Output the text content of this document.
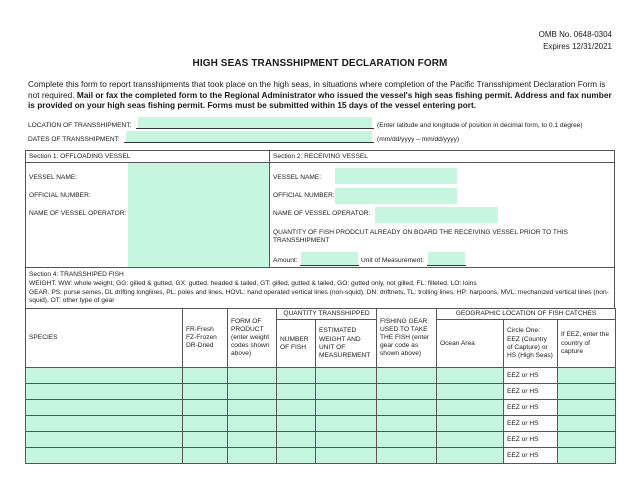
OMB No. 0648-0304
Expires 12/31/2021
HIGH SEAS TRANSSHIPMENT DECLARATION FORM
Complete this form to report transshipments that took place on the high seas, in situations where completion of the Pacific Transshipment Declaration Form is not required. Mail or fax the completed form to the Regional Administrator who issued the vessel's high seas fishing permit. Address and fax number is provided on your high seas fishing permit. Forms must be submitted within 15 days of the vessel entering port.
LOCATION OF TRANSSHIPMENT:	(Enter latitude and longitude of position in decimal form, to 0.1 degree)
DATES OF TRANSSHIPMENT:	(mm/dd/yyyy – mm/dd/yyyy)
Section 1: OFFLOADING VESSEL
VESSEL NAME:
OFFICIAL NUMBER:
NAME OF VESSEL OPERATOR:
Section 2: RECEIVING VESSEL
VESSEL NAME:
OFFICIAL NUMBER:
NAME OF VESSEL OPERATOR:
QUANTITY OF FISH PRODCUT ALREADY ON BOARD THE RECEIVING VESSEL PRIOR TO THIS TRANSSHIPMENT
Amount:	Unit of Measurement:
Section 4: TRANSSHIPED FISH
WEIGHT. WW: whole weight, GG: gilled & gutted, GX: gutted, headed & tailed, GT: gilled, gutted & tailed, GO: gutted only, not gilled, FL: filleted, LO: loins
GEAR. PS: purse seines, DL drifting longlines, PL: poles and lines, HOVL: hand operated vertical lines (non-squid), DN: driftnets, TL: trolling lines, HP: harpoons, MVL: mechanized vertical lines (non-squid), OT: other type of gear
SPECIES	FR-Fresh FZ-Frozen DR-Dried	FORM OF PRODUCT (enter weight codes shown above)	QUANTITY TRANSSHIPPED		FISHING GEAR USED TO TAKE THE FISH (enter gear code as shown above)	GEOGRAPHIC LOCATION OF FISH CATCHES		
			NUMBER OF FISH	ESTIMATED WEIGHT AND UNIT OF MEASUREMENT		Ocean Area	Circle One: EEZ (Country of Capture) or HS (High Seas)	If EEZ, enter the country of capture
							EEZ or HS	
							EEZ or HS	
							EEZ or HS	
							EEZ or HS	
							EEZ or HS	
							EEZ or HS	
